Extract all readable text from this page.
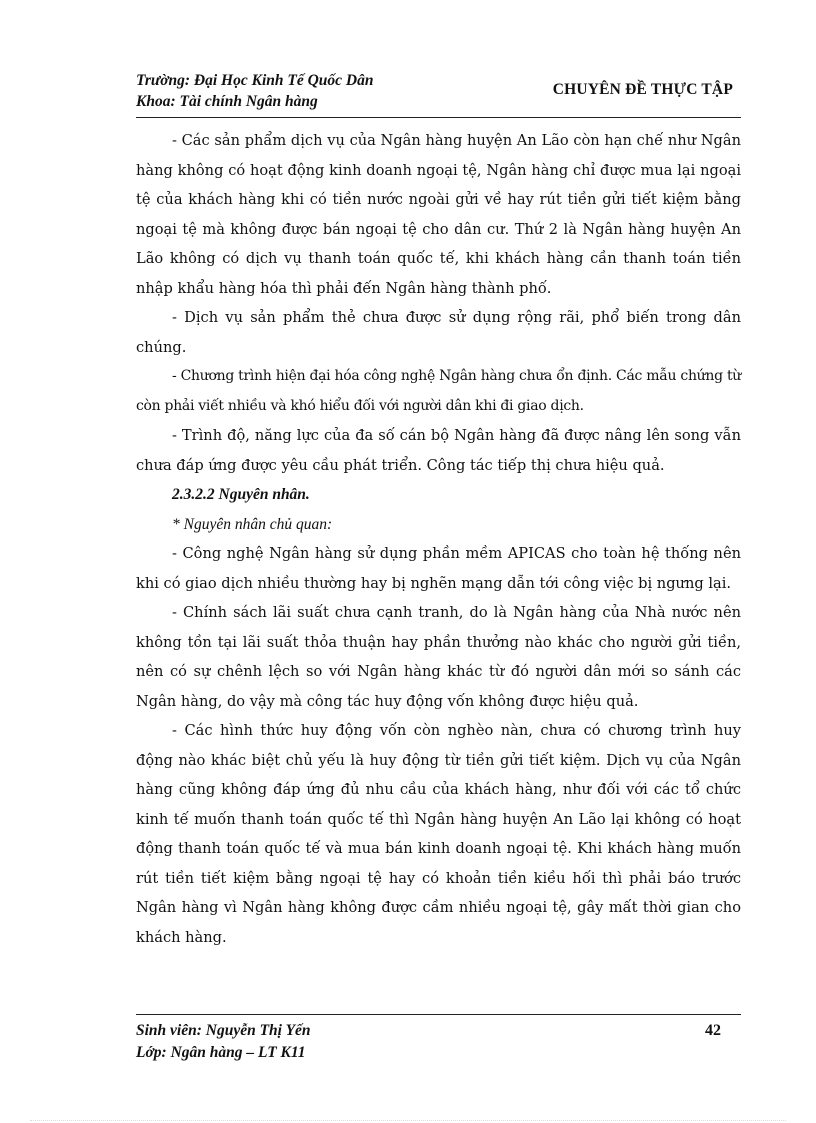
Trường: Đại Học Kinh Tế Quốc Dân
Khoa: Tài chính Ngân hàng
CHUYÊN ĐỀ THỰC TẬP

- Các sản phẩm dịch vụ của Ngân hàng huyện An Lão còn hạn chế như Ngân hàng không có hoạt động kinh doanh ngoại tệ, Ngân hàng chỉ được mua lại ngoại tệ của khách hàng khi có tiền nước ngoài gửi về hay rút tiền gửi tiết kiệm bằng ngoại tệ mà không được bán ngoại tệ cho dân cư. Thứ 2 là Ngân hàng huyện An Lão không có dịch vụ thanh toán quốc tế, khi khách hàng cần thanh toán tiền nhập khẩu hàng hóa thì phải đến Ngân hàng thành phố.

- Dịch vụ sản phẩm thẻ chưa được sử dụng rộng rãi, phổ biến trong dân chúng.

- Chương trình hiện đại hóa công nghệ Ngân hàng chưa ổn định. Các mẫu chứng từ còn phải viết nhiều và khó hiểu đối với người dân khi đi giao dịch.

- Trình độ, năng lực của đa số cán bộ Ngân hàng đã được nâng lên song vẫn chưa đáp ứng được yêu cầu phát triển. Công tác tiếp thị chưa hiệu quả.

2.3.2.2 Nguyên nhân.

* Nguyên nhân chủ quan:

- Công nghệ Ngân hàng sử dụng phần mềm APICAS cho toàn hệ thống nên khi có giao dịch nhiều thường hay bị nghẽn mạng dẫn tới công việc bị ngưng lại.

- Chính sách lãi suất chưa cạnh tranh, do là Ngân hàng của Nhà nước nên không tồn tại lãi suất thỏa thuận hay phần thưởng nào khác cho người gửi tiền, nên có sự chênh lệch so với Ngân hàng khác từ đó người dân mới so sánh các Ngân hàng, do vậy mà công tác huy động vốn không được hiệu quả.

- Các hình thức huy động vốn còn nghèo nàn, chưa có chương trình huy động nào khác biệt chủ yếu là huy động từ tiền gửi tiết kiệm. Dịch vụ của Ngân hàng cũng không đáp ứng đủ nhu cầu của khách hàng, như đối với các tổ chức kinh tế muốn thanh toán quốc tế thì Ngân hàng huyện An Lão lại không có hoạt động thanh toán quốc tế và mua bán kinh doanh ngoại tệ. Khi khách hàng muốn rút tiền tiết kiệm bằng ngoại tệ hay có khoản tiền kiều hối thì phải báo trước Ngân hàng vì Ngân hàng không được cầm nhiều ngoại tệ, gây mất thời gian cho khách hàng.

Sinh viên: Nguyễn Thị Yến
Lớp: Ngân hàng – LT K11
42
